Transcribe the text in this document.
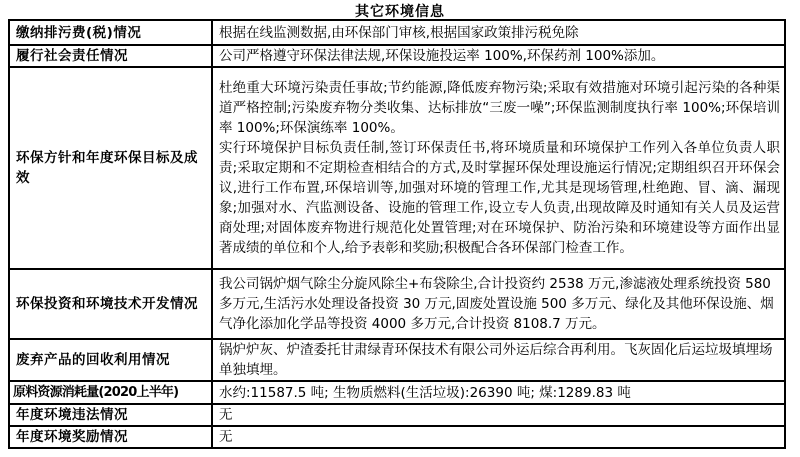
其它环境信息
缴纳排污费(税)情况	根据在线监测数据,由环保部门审核,根据国家政策排污税免除
履行社会责任情况	公司严格遵守环保法律法规,环保设施投运率 100%,环保药剂 100%添加。
环保方针和年度环保目标及成效	杜绝重大环境污染责任事故;节约能源,降低废弃物污染;采取有效措施对环境引起污染的各种渠道严格控制;污染废弃物分类收集、达标排放“三废一噪”;环保监测制度执行率 100%;环保培训率 100%;环保演练率 100%。

实行环境保护目标负责任制,签订环保责任书,将环境质量和环境保护工作列入各单位负责人职责;采取定期和不定期检查相结合的方式,及时掌握环保处理设施运行情况;定期组织召开环保会议,进行工作布置,环保培训等,加强对环境的管理工作,尤其是现场管理,杜绝跑、冒、滴、漏现象;加强对水、汽监测设备、设施的管理工作,设立专人负责,出现故障及时通知有关人员及运营商处理;对固体废弃物进行规范化处置管理;对在环境保护、防治污染和环境建设等方面作出显著成绩的单位和个人,给予表彰和奖励;积极配合各环保部门检查工作。

环保投资和环境技术开发情况	我公司锅炉烟气除尘分旋风除尘+布袋除尘,合计投资约 2538 万元,渗滤液处理系统投资 580 多万元,生活污水处理设备投资 30 万元,固废处置设施 500 多万元、绿化及其他环保设施、烟气净化添加化学品等投资 4000 多万元,合计投资 8108.7 万元。
废弃产品的回收利用情况	锅炉炉灰、炉渣委托甘肃绿青环保技术有限公司外运后综合再利用。飞灰固化后运垃圾填埋场单独填埋。
原料资源消耗量(2020上半年)	水约:11587.5 吨; 生物质燃料(生活垃圾):26390 吨; 煤:1289.83 吨
年度环境违法情况	无
年度环境奖励情况	无
